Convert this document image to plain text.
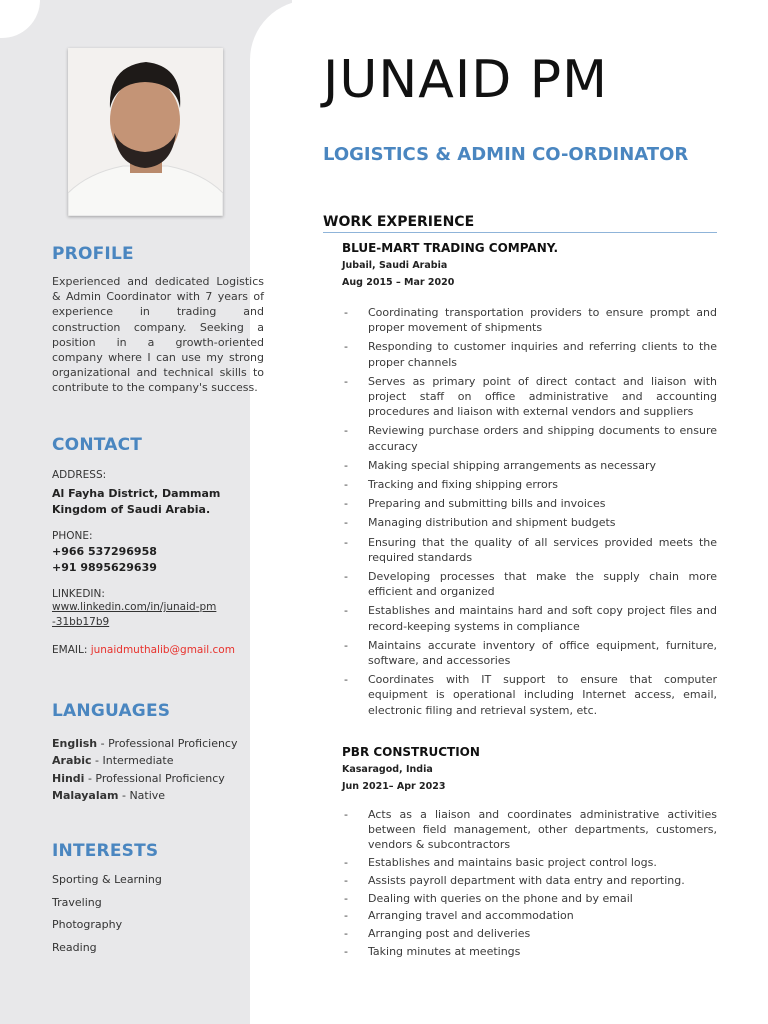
PROFILE

Experienced and dedicated Logistics & Admin Coordinator with 7 years of experience in trading and construction company. Seeking a position in a growth-oriented company where I can use my strong organizational and technical skills to contribute to the company's success.

CONTACT
ADDRESS:
Al Fayha District, Dammam
Kingdom of Saudi Arabia.
PHONE:
+966 537296958
+91 9895629639
LINKEDIN:
www.linkedin.com/in/junaid-pm-31bb17b9
EMAIL: junaidmuthalib@gmail.com
LANGUAGES
English - Professional Proficiency
Arabic - Intermediate
Hindi - Professional Proficiency
Malayalam - Native
INTERESTS
Sporting & Learning
Traveling
Photography
Reading
JUNAID PM
LOGISTICS & ADMIN CO-ORDINATOR
WORK EXPERIENCE
BLUE-MART TRADING COMPANY.
Jubail, Saudi Arabia
Aug 2015 – Mar 2020
- Coordinating transportation providers to ensure prompt and proper movement of shipments
- Responding to customer inquiries and referring clients to the proper channels
- Serves as primary point of direct contact and liaison with project staff on office administrative and accounting procedures and liaison with external vendors and suppliers
- Reviewing purchase orders and shipping documents to ensure accuracy
- Making special shipping arrangements as necessary
- Tracking and fixing shipping errors
- Preparing and submitting bills and invoices
- Managing distribution and shipment budgets
- Ensuring that the quality of all services provided meets the required standards
- Developing processes that make the supply chain more efficient and organized
- Establishes and maintains hard and soft copy project files and record-keeping systems in compliance
- Maintains accurate inventory of office equipment, furniture, software, and accessories
- Coordinates with IT support to ensure that computer equipment is operational including Internet access, email, electronic filing and retrieval system, etc.
PBR CONSTRUCTION
Kasaragod, India
Jun 2021– Apr 2023
- Acts as a liaison and coordinates administrative activities between field management, other departments, customers, vendors & subcontractors
- Establishes and maintains basic project control logs.
- Assists payroll department with data entry and reporting.
- Dealing with queries on the phone and by email
- Arranging travel and accommodation
- Arranging post and deliveries
- Taking minutes at meetings
